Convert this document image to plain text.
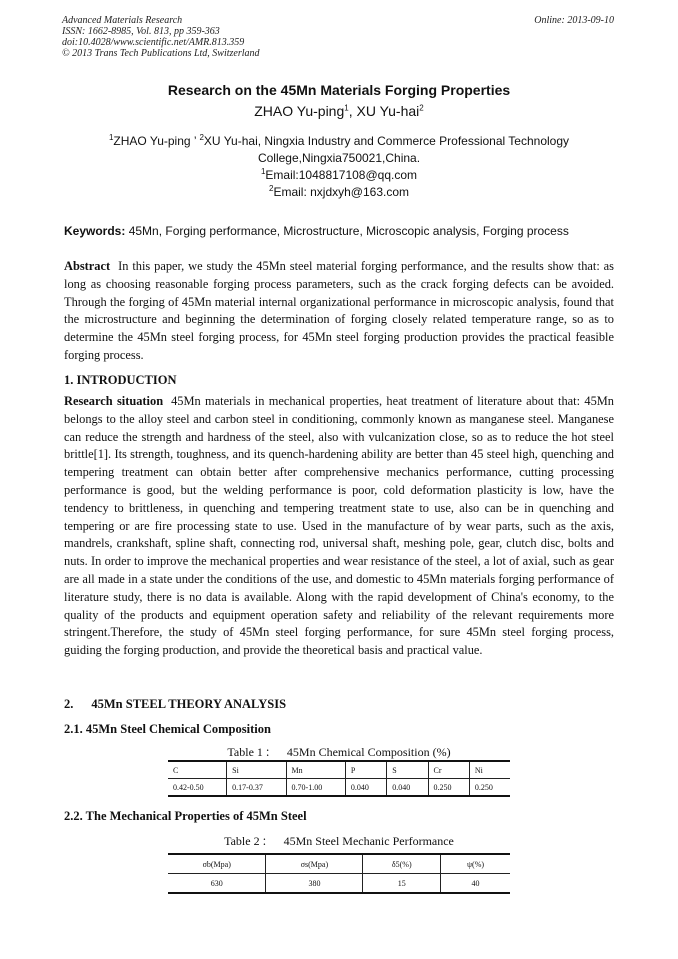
Advanced Materials Research
ISSN: 1662-8985, Vol. 813, pp 359-363
doi:10.4028/www.scientific.net/AMR.813.359
© 2013 Trans Tech Publications Ltd, Switzerland
Online: 2013-09-10
Research on the 45Mn Materials Forging Properties
ZHAO Yu-ping$^1$, XU Yu-hai$^2$
$^1$ZHAO Yu-ping ’ $^2$XU Yu-hai, Ningxia Industry and Commerce Professional Technology
College,Ningxia750021,China.
$^1$Email:1048817108@qq.com
$^2$Email: nxjdxyh@163.com
Keywords: 45Mn, Forging performance, Microstructure, Microscopic analysis, Forging process
Abstract In this paper, we study the 45Mn steel material forging performance, and the results show that: as long as choosing reasonable forging process parameters, such as the crack forging defects can be avoided. Through the forging of 45Mn material internal organizational performance in microscopic analysis, found that the microstructure and beginning the determination of forging closely related temperature range, so as to determine the 45Mn steel forging process, for 45Mn steel forging production provides the practical feasible forging process.
1. INTRODUCTION
Research situation 45Mn materials in mechanical properties, heat treatment of literature about that: 45Mn belongs to the alloy steel and carbon steel in conditioning, commonly known as manganese steel. Manganese can reduce the strength and hardness of the steel, also with vulcanization close, so as to reduce the hot steel brittle[1]. Its strength, toughness, and its quench-hardening ability are better than 45 steel high, quenching and tempering treatment can obtain better after comprehensive mechanics performance, cutting processing performance is good, but the welding performance is poor, cold deformation plasticity is low, have the tendency to brittleness, in quenching and tempering treatment state to use, also can be in quenching and tempering or are fire processing state to use. Used in the manufacture of by wear parts, such as the axis, mandrels, crankshaft, spline shaft, connecting rod, universal shaft, meshing pole, gear, clutch disc, bolts and nuts. In order to improve the mechanical properties and wear resistance of the steel, a lot of axial, such as gear are all made in a state under the conditions of the use, and domestic to 45Mn materials forging performance of literature study, there is no data is available. Along with the rapid development of China's economy, to the quality of the products and equipment operation safety and reliability of the relevant requirements more stringent.Therefore, the study of 45Mn steel forging performance, for sure 45Mn steel forging process, guiding the forging production, and provide the theoretical basis and practical value.
2. 45Mn STEEL THEORY ANALYSIS
2.1. 45Mn Steel Chemical Composition
Table 1 ： 45Mn Chemical Composition (%)
C	Si	Mn	P	S	Cr	Ni
0.42-0.50	0.17-0.37	0.70-1.00	0.040	0.040	0.250	0.250
2.2. The Mechanical Properties of 45Mn Steel
Table 2 ： 45Mn Steel Mechanic Performance
σb(Mpa)	σs(Mpa)	δ5(%)	ψ(%)
630	380	15	40
